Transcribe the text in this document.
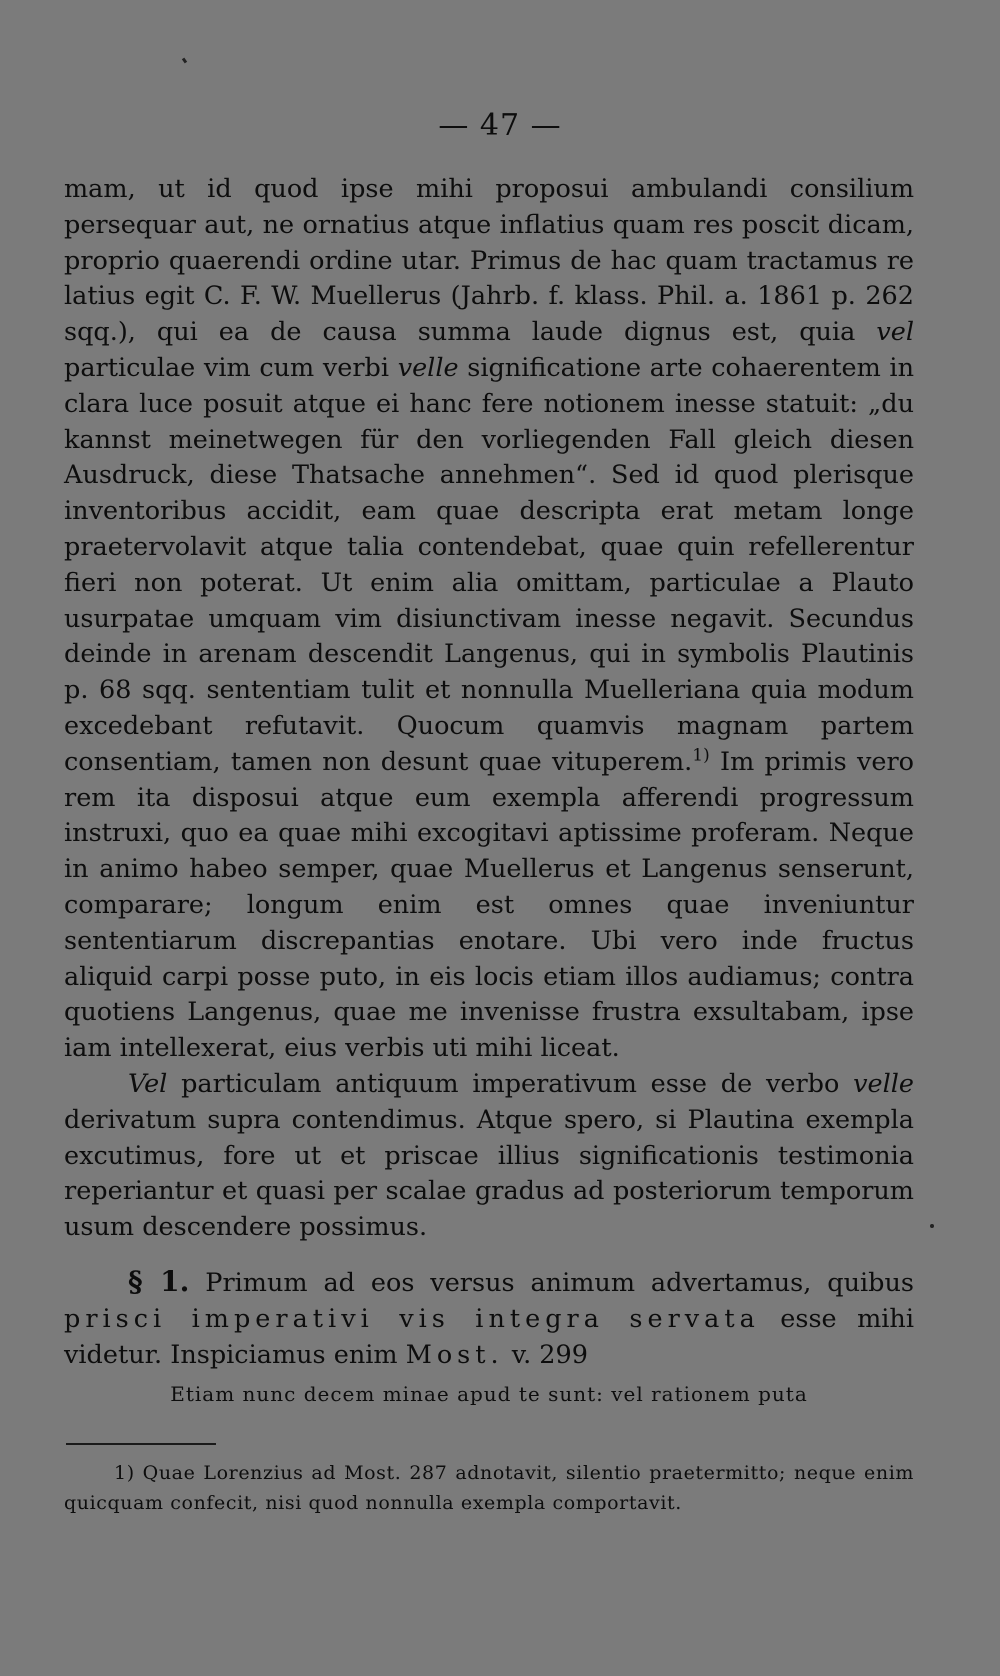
— 47 —

mam, ut id quod ipse mihi proposui ambulandi consilium persequar aut, ne ornatius atque inflatius quam res poscit dicam, proprio quaerendi ordine utar. Primus de hac quam tractamus re latius egit C. F. W. Muellerus (Jahrb. f. klass. Phil. a. 1861 p. 262 sqq.), qui ea de causa summa laude dignus est, quia vel particulae vim cum verbi velle significatione arte cohaerentem in clara luce posuit atque ei hanc fere notionem inesse statuit: „du kannst meinetwegen für den vorliegenden Fall gleich diesen Ausdruck, diese Thatsache annehmen“. Sed id quod plerisque inventoribus accidit, eam quae descripta erat metam longe praetervolavit atque talia contendebat, quae quin refellerentur fieri non poterat. Ut enim alia omittam, particulae a Plauto usurpatae umquam vim disiunctivam inesse negavit. Secundus deinde in arenam descendit Langenus, qui in symbolis Plautinis p. 68 sqq. sententiam tulit et nonnulla Muelleriana quia modum excedebant refutavit. Quocum quamvis magnam partem consentiam, tamen non desunt quae vituperem.$^{1)}$ Im primis vero rem ita disposui atque eum exempla afferendi progressum instruxi, quo ea quae mihi excogitavi aptissime proferam. Neque in animo habeo semper, quae Muellerus et Langenus senserunt, comparare; longum enim est omnes quae inveniuntur sententiarum discrepantias enotare. Ubi vero inde fructus aliquid carpi posse puto, in eis locis etiam illos audiamus; contra quotiens Langenus, quae me invenisse frustra exsultabam, ipse iam intellexerat, eius verbis uti mihi liceat.

Vel particulam antiquum imperativum esse de verbo velle derivatum supra contendimus. Atque spero, si Plautina exempla excutimus, fore ut et priscae illius significationis testimonia reperiantur et quasi per scalae gradus ad posteriorum temporum usum descendere possimus.

§ 1. Primum ad eos versus animum advertamus, quibus prisci imperativi vis integra servata esse mihi videtur. Inspiciamus enim Most. v. 299

Etiam nunc decem minae apud te sunt: vel rationem puta

1) Quae Lorenzius ad Most. 287 adnotavit, silentio praetermitto; neque enim quicquam confecit, nisi quod nonnulla exempla comportavit.
